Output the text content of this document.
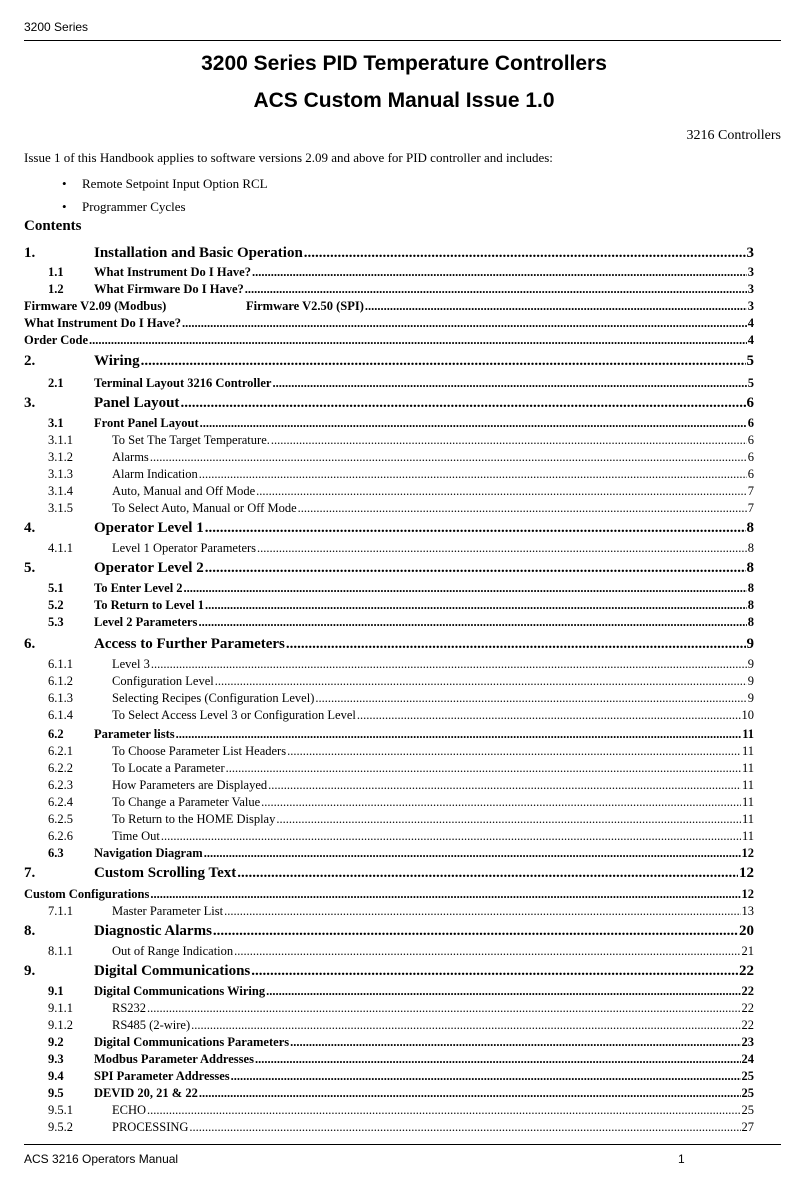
3200 Series
3200 Series PID Temperature Controllers
ACS Custom Manual Issue 1.0
3216 Controllers
Issue 1 of this Handbook applies to software versions 2.09 and above for PID controller and includes:
• Remote Setpoint Input Option RCL
• Programmer Cycles
Contents
1.	Installation and Basic Operation .....	3
1.1	What Instrument Do I Have? .....	3
1.2	What Firmware Do I Have? .....	3
Firmware V2.09 (Modbus)	Firmware V2.50 (SPI) .....	3
What Instrument Do I Have? .....	4
Order Code .....	4
2.	Wiring .....	5
2.1	Terminal Layout 3216 Controller .....	5
3.	Panel Layout .....	6
3.1	Front Panel Layout .....	6
3.1.1	To Set The Target Temperature. .....	6
3.1.2	Alarms .....	6
3.1.3	Alarm Indication .....	6
3.1.4	Auto, Manual and Off Mode .....	7
3.1.5	To Select Auto, Manual or Off Mode .....	7
4.	Operator Level 1 .....	8
4.1.1	Level 1 Operator Parameters .....	8
5.	Operator Level 2 .....	8
5.1	To Enter Level 2 .....	8
5.2	To Return to Level 1 .....	8
5.3	Level 2 Parameters .....	8
6.	Access to Further Parameters .....	9
6.1.1	Level 3 .....	9
6.1.2	Configuration Level .....	9
6.1.3	Selecting Recipes (Configuration Level) .....	9
6.1.4	To Select Access Level 3 or Configuration Level .....	10
6.2	Parameter lists .....	11
6.2.1	To Choose Parameter List Headers .....	11
6.2.2	To Locate a Parameter .....	11
6.2.3	How Parameters are Displayed .....	11
6.2.4	To Change a Parameter Value .....	11
6.2.5	To Return to the HOME Display .....	11
6.2.6	Time Out .....	11
6.3	Navigation Diagram .....	12
7.	Custom Scrolling Text .....	12
Custom Configurations .....	12
7.1.1	Master Parameter List .....	13
8.	Diagnostic Alarms .....	20
8.1.1	Out of Range Indication .....	21
9.	Digital Communications .....	22
9.1	Digital Communications Wiring .....	22
9.1.1	RS232 .....	22
9.1.2	RS485 (2-wire) .....	22
9.2	Digital Communications Parameters .....	23
9.3	Modbus Parameter Addresses .....	24
9.4	SPI Parameter Addresses .....	25
9.5	DEVID 20, 21 & 22 .....	25
9.5.1	ECHO .....	25
9.5.2	PROCESSING .....	27
ACS 3216 Operators Manual	1
